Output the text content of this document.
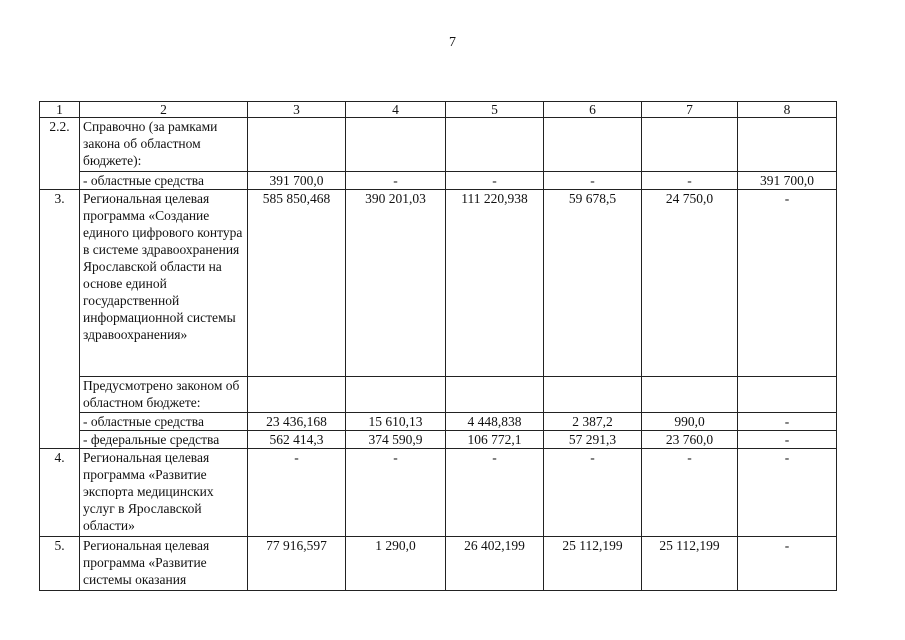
7
1	2	3	4	5	6	7	8
2.2.	Справочно (за рамками закона об областном бюджете):						
	- областные средства	391 700,0	-	-	-	-	391 700,0
3.	Региональная целевая программа «Создание единого цифрового контура в системе здравоохранения Ярославской области на основе единой государственной информационной системы здравоохранения»	585 850,468	390 201,03	111 220,938	59 678,5	24 750,0	-
	Предусмотрено законом об областном бюджете:						
	- областные средства	23 436,168	15 610,13	4 448,838	2 387,2	990,0	-
	- федеральные средства	562 414,3	374 590,9	106 772,1	57 291,3	23 760,0	-
4.	Региональная целевая программа «Развитие экспорта медицинских услуг в Ярославской области»	-	-	-	-	-	-
5.	Региональная целевая программа «Развитие системы оказания	77 916,597	1 290,0	26 402,199	25 112,199	25 112,199	-
